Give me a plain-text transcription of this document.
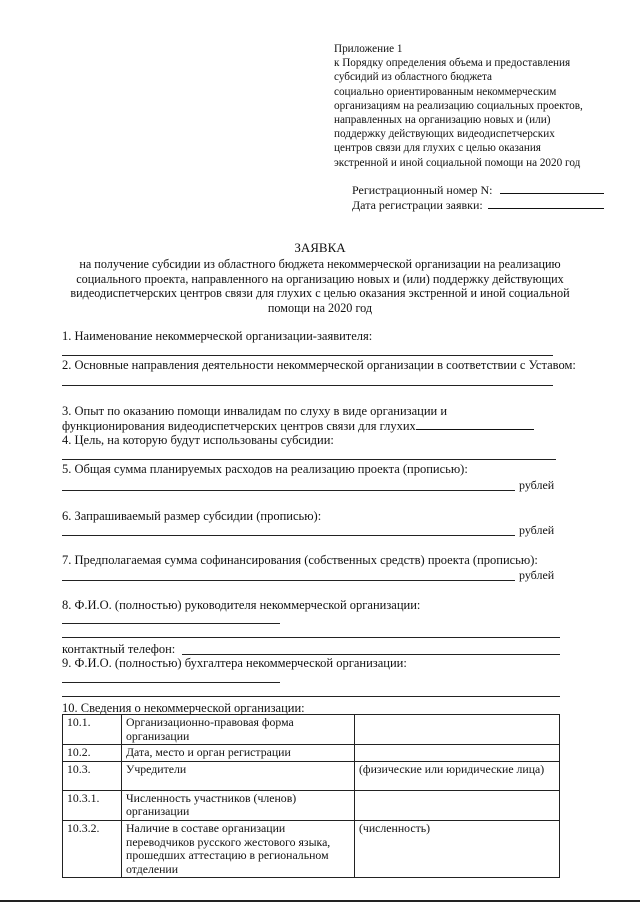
Приложение 1
к Порядку определения объема и предоставления
субсидий из областного бюджета
социально ориентированным некоммерческим
организациям на реализацию социальных проектов,
направленных на организацию новых и (или)
поддержку действующих видеодиспетчерских
центров связи для глухих с целью оказания
экстренной и иной социальной помощи на 2020 год
Регистрационный номер N:
Дата регистрации заявки:
ЗАЯВКА
на получение субсидии из областного бюджета некоммерческой организации на реализацию социального проекта, направленного на организацию новых и (или) поддержку действующих видеодиспетчерских центров связи для глухих с целью оказания экстренной и иной социальной помощи на 2020 год
1. Наименование некоммерческой организации-заявителя:
2. Основные направления деятельности некоммерческой организации в соответствии с Уставом:
3. Опыт по оказанию помощи инвалидам по слуху в виде организации и
функционирования видеодиспетчерских центров связи для глухих
4. Цель, на которую будут использованы субсидии:
5. Общая сумма планируемых расходов на реализацию проекта (прописью):
рублей
6. Запрашиваемый размер субсидии (прописью):
рублей
7. Предполагаемая сумма софинансирования (собственных средств) проекта (прописью):
рублей
8. Ф.И.О. (полностью) руководителя некоммерческой организации:
контактный телефон:
9. Ф.И.О. (полностью) бухгалтера некоммерческой организации:
10. Сведения о некоммерческой организации:
10.1.	Организационно-правовая форма организации	
10.2.	Дата, место и орган регистрации	
10.3.	Учредители	(физические или юридические лица)
10.3.1.	Численность участников (членов) организации	
10.3.2.	Наличие в составе организации переводчиков русского жестового языка, прошедших аттестацию в региональном отделении	(численность)
